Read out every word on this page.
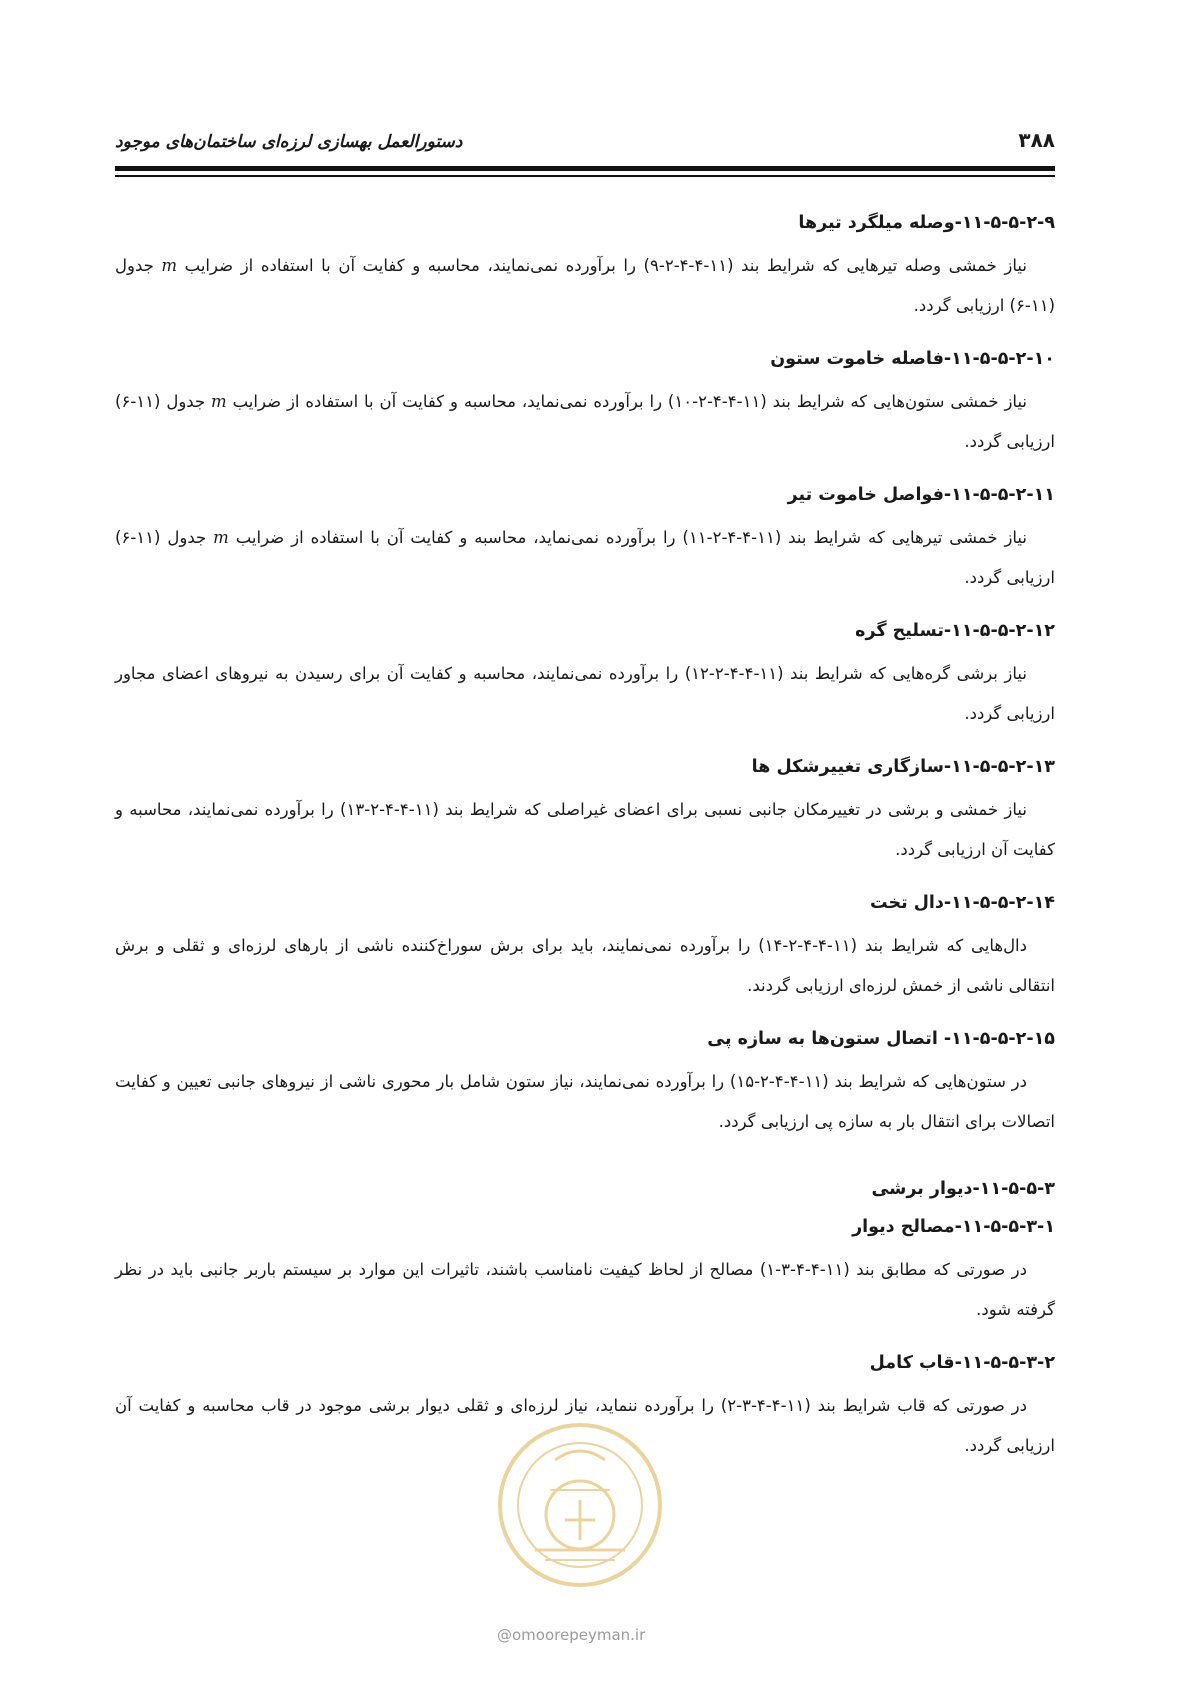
۳۸۸
دستورالعمل بهسازی لرزه‌ای ساختمان‌های موجود
۱۱-۵-۵-۲-۹-وصله میلگرد تیرها

نیاز خمشی وصله تیرهایی که شرایط بند (۱۱-۴-۴-۲-۹) را برآورده نمی‌نمایند، محاسبه و کفایت آن با استفاده از ضرایب m جدول (۱۱-۶) ارزیابی گردد.

۱۱-۵-۵-۲-۱۰-فاصله خاموت ستون

نیاز خمشی ستون‌هایی که شرایط بند (۱۱-۴-۴-۲-۱۰) را برآورده نمی‌نماید، محاسبه و کفایت آن با استفاده از ضرایب m جدول (۱۱-۶) ارزیابی گردد.

۱۱-۵-۵-۲-۱۱-فواصل خاموت تیر

نیاز خمشی تیرهایی که شرایط بند (۱۱-۴-۴-۲-۱۱) را برآورده نمی‌نماید، محاسبه و کفایت آن با استفاده از ضرایب m جدول (۱۱-۶) ارزیابی گردد.

۱۱-۵-۵-۲-۱۲-تسلیح گره

نیاز برشی گره‌هایی که شرایط بند (۱۱-۴-۴-۲-۱۲) را برآورده نمی‌نمایند، محاسبه و کفایت آن برای رسیدن به نیروهای اعضای مجاور ارزیابی گردد.

۱۱-۵-۵-۲-۱۳-سازگاری تغییرشکل ها

نیاز خمشی و برشی در تغییرمکان جانبی نسبی برای اعضای غیراصلی که شرایط بند (۱۱-۴-۴-۲-۱۳) را برآورده نمی‌نمایند، محاسبه و کفایت آن ارزیابی گردد.

۱۱-۵-۵-۲-۱۴-دال تخت

دال‌هایی که شرایط بند (۱۱-۴-۴-۲-۱۴) را برآورده نمی‌نمایند، باید برای برش سوراخ‌کننده ناشی از بارهای لرزه‌ای و ثقلی و برش انتقالی ناشی از خمش لرزه‌ای ارزیابی گردند.

۱۱-۵-۵-۲-۱۵- اتصال ستون‌ها به سازه پی

در ستون‌هایی که شرایط بند (۱۱-۴-۴-۲-۱۵) را برآورده نمی‌نمایند، نیاز ستون شامل بار محوری ناشی از نیروهای جانبی تعیین و کفایت اتصالات برای انتقال بار به سازه پی ارزیابی گردد.

۱۱-۵-۵-۳-دیوار برشی
۱۱-۵-۵-۳-۱-مصالح دیوار

در صورتی که مطابق بند (۱۱-۴-۴-۳-۱) مصالح از لحاظ کیفیت نامناسب باشند، تاثیرات این موارد بر سیستم باربر جانبی باید در نظر گرفته شود.

۱۱-۵-۵-۳-۲-قاب کامل

در صورتی که قاب شرایط بند (۱۱-۴-۴-۳-۲) را برآورده ننماید، نیاز لرزه‌ای و ثقلی دیوار برشی موجود در قاب محاسبه و کفایت آن ارزیابی گردد.

@omoorepeyman.ir
